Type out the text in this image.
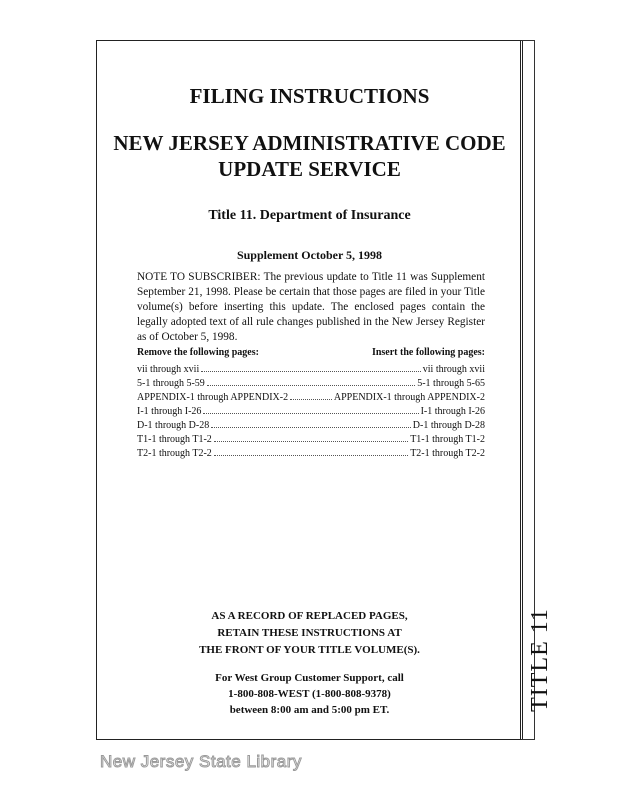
FILING INSTRUCTIONS
NEW JERSEY ADMINISTRATIVE CODE
UPDATE SERVICE
Title 11. Department of Insurance
Supplement October 5, 1998
NOTE TO SUBSCRIBER: The previous update to Title 11 was Supplement September 21, 1998. Please be certain that those pages are filed in your Title volume(s) before inserting this update. The enclosed pages contain the legally adopted text of all rule changes published in the New Jersey Register as of October 5, 1998.
Remove the following pages:	Insert the following pages:
vii through xvii	vii through xvii
5-1 through 5-59	5-1 through 5-65
APPENDIX-1 through APPENDIX-2	APPENDIX-1 through APPENDIX-2
I-1 through I-26	I-1 through I-26
D-1 through D-28	D-1 through D-28
T1-1 through T1-2	T1-1 through T1-2
T2-1 through T2-2	T2-1 through T2-2
AS A RECORD OF REPLACED PAGES,
RETAIN THESE INSTRUCTIONS AT
THE FRONT OF YOUR TITLE VOLUME(S).
For West Group Customer Support, call
1-800-808-WEST (1-800-808-9378)
between 8:00 am and 5:00 pm ET.	TITLE 11
New Jersey State Library
